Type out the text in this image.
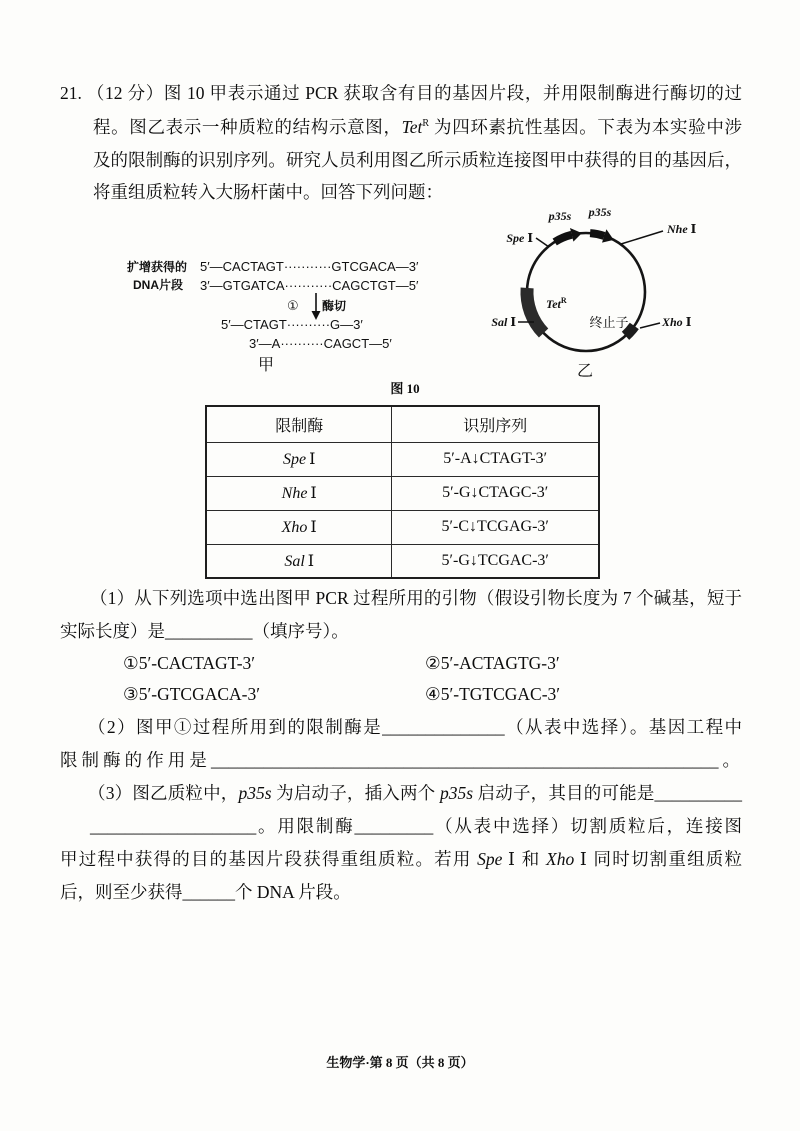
21. （12 分）图 10 甲表示通过 PCR 获取含有目的基因片段，并用限制酶进行酶切的过
程。图乙表示一种质粒的结构示意图，Tet$^R$ 为四环素抗性基因。下表为本实验中涉
及的限制酶的识别序列。研究人员利用图乙所示质粒连接图甲中获得的目的基因后，
将重组质粒转入大肠杆菌中。回答下列问题：
扩增获得的
DNA片段
5′—CACTAGT···········GTCGACA—3′
3′—GTGATCA···········CAGCTGT—5′
① 酶切
5′—CTAGT··········G—3′
3′—A··········CAGCT—5′
甲
p35s p35s
Spe Ⅰ
Nhe Ⅰ
Sal Ⅰ	Xho Ⅰ
Tet$^R$
终止子
乙
图 10
限制酶	识别序列
Spe Ⅰ	5′-A↓CTAGT-3′
Nhe Ⅰ	5′-G↓CTAGC-3′
Xho Ⅰ	5′-C↓TCGAG-3′
Sal Ⅰ	5′-G↓TCGAC-3′
（1）从下列选项中选出图甲 PCR 过程所用的引物（假设引物长度为 7 个碱基，短于
实际长度）是__________（填序号）。
①5′-CACTAGT-3′	②5′-ACTAGTG-3′
③5′-GTCGACA-3′	④5′-TGTCGAC-3′
（2）图甲①过程所用到的限制酶是______________（从表中选择）。基因工程中
限制酶的作用是__________________________________________________________。
（3）图乙质粒中，p35s 为启动子，插入两个 p35s 启动子，其目的可能是__________
___________________。用限制酶_________（从表中选择）切割质粒后，连接图
甲过程中获得的目的基因片段获得重组质粒。若用 Spe Ⅰ 和 Xho Ⅰ 同时切割重组质粒
后，则至少获得______个 DNA 片段。
生物学·第 8 页（共 8 页）
